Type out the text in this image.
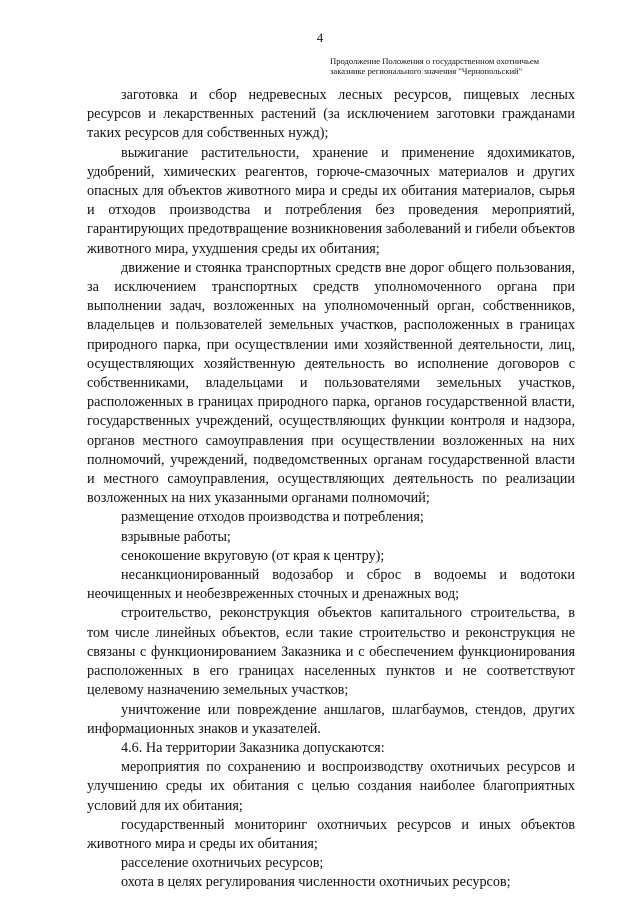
4
Продолжение Положения о государственном охотничьем
заказнике регионального значения "Чернопольский"

заготовка и сбор недревесных лесных ресурсов, пищевых лесных ресурсов и лекарственных растений (за исключением заготовки гражданами таких ресурсов для собственных нужд);

выжигание растительности, хранение и применение ядохимикатов, удобрений, химических реагентов, горюче-смазочных материалов и других опасных для объектов животного мира и среды их обитания материалов, сырья и отходов производства и потребления без проведения мероприятий, гарантирующих предотвращение возникновения заболеваний и гибели объектов животного мира, ухудшения среды их обитания;

движение и стоянка транспортных средств вне дорог общего пользования, за исключением транспортных средств уполномоченного органа при выполнении задач, возложенных на уполномоченный орган, собственников, владельцев и пользователей земельных участков, расположенных в границах природного парка, при осуществлении ими хозяйственной деятельности, лиц, осуществляющих хозяйственную деятельность во исполнение договоров с собственниками, владельцами и пользователями земельных участков, расположенных в границах природного парка, органов государственной власти, государственных учреждений, осуществляющих функции контроля и надзора, органов местного самоуправления при осуществлении возложенных на них полномочий, учреждений, подведомственных органам государственной власти и местного самоуправления, осуществляющих деятельность по реализации возложенных на них указанными органами полномочий;

размещение отходов производства и потребления;

взрывные работы;

сенокошение вкруговую (от края к центру);

несанкционированный водозабор и сброс в водоемы и водотоки неочищенных и необезвреженных сточных и дренажных вод;

строительство, реконструкция объектов капитального строительства, в том числе линейных объектов, если такие строительство и реконструкция не связаны с функционированием Заказника и с обеспечением функционирования расположенных в его границах населенных пунктов и не соответствуют целевому назначению земельных участков;

уничтожение или повреждение аншлагов, шлагбаумов, стендов, других информационных знаков и указателей.

4.6. На территории Заказника допускаются:

мероприятия по сохранению и воспроизводству охотничьих ресурсов и улучшению среды их обитания с целью создания наиболее благоприятных условий для их обитания;

государственный мониторинг охотничьих ресурсов и иных объектов животного мира и среды их обитания;

расселение охотничьих ресурсов;

охота в целях регулирования численности охотничьих ресурсов;
